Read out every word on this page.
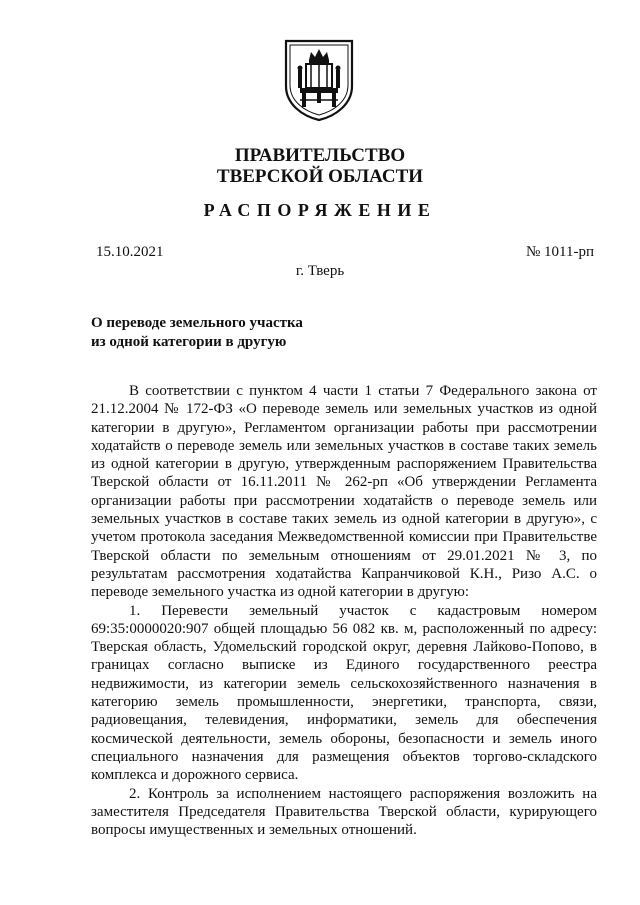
ПРАВИТЕЛЬСТВО
ТВЕРСКОЙ ОБЛАСТИ
РАСПОРЯЖЕНИЕ
15.10.2021	№ 1011-рп
г. Тверь
О переводе земельного участка
из одной категории в другую

В соответствии с пунктом 4 части 1 статьи 7 Федерального закона от 21.12.2004 № 172-ФЗ «О переводе земель или земельных участков из одной категории в другую», Регламентом организации работы при рассмотрении ходатайств о переводе земель или земельных участков в составе таких земель из одной категории в другую, утвержденным распоряжением Правительства Тверской области от 16.11.2011 № 262-рп «Об утверждении Регламента организации работы при рассмотрении ходатайств о переводе земель или земельных участков в составе таких земель из одной категории в другую», с учетом протокола заседания Межведомственной комиссии при Правительстве Тверской области по земельным отношениям от 29.01.2021 № 3, по результатам рассмотрения ходатайства Капранчиковой К.Н., Ризо А.С. о переводе земельного участка из одной категории в другую:

1. Перевести земельный участок с кадастровым номером 69:35:0000020:907 общей площадью 56 082 кв. м, расположенный по адресу: Тверская область, Удомельский городской округ, деревня Лайково-Попово, в границах согласно выписке из Единого государственного реестра недвижимости, из категории земель сельскохозяйственного назначения в категорию земель промышленности, энергетики, транспорта, связи, радиовещания, телевидения, информатики, земель для обеспечения космической деятельности, земель обороны, безопасности и земель иного специального назначения для размещения объектов торгово-складского комплекса и дорожного сервиса.

2. Контроль за исполнением настоящего распоряжения возложить на заместителя Председателя Правительства Тверской области, курирующего вопросы имущественных и земельных отношений.
